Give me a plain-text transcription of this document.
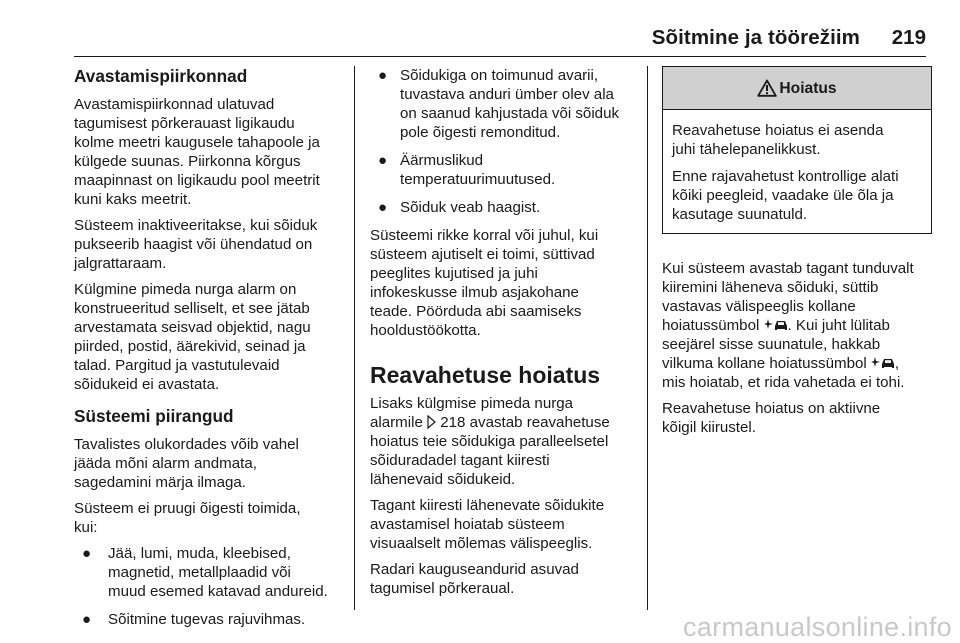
Sõitmine ja töörežiim 219
Avastamispiirkonnad

Avastamispiirkonnad ulatuvad
tagumisest põrkerauast ligikaudu
kolme meetri kaugusele tahapoole ja
külgede suunas. Piirkonna kõrgus
maapinnast on ligikaudu pool meetrit
kuni kaks meetrit.

Süsteem inaktiveeritakse, kui sõiduk
pukseerib haagist või ühendatud on
jalgrattaraam.

Külgmine pimeda nurga alarm on
konstrueeritud selliselt, et see jätab
arvestamata seisvad objektid, nagu
piirded, postid, äärekivid, seinad ja
talad. Pargitud ja vastutulevaid
sõidukeid ei avastata.

Süsteemi piirangud

Tavalistes olukordades võib vahel
jääda mõni alarm andmata,
sagedamini märja ilmaga.

Süsteem ei pruugi õigesti toimida,
kui:

● Jää, lumi, muda, kleebised,
magnetid, metallplaadid või
muud esemed katavad andureid.
● Sõitmine tugevas rajuvihmas.
● Sõidukiga on toimunud avarii,
tuvastava anduri ümber olev ala
on saanud kahjustada või sõiduk
pole õigesti remonditud.
● Äärmuslikud
temperatuurimuutused.
● Sõiduk veab haagist.

Süsteemi rikke korral või juhul, kui
süsteem ajutiselt ei toimi, süttivad
peeglites kujutised ja juhi
infokeskusse ilmub asjakohane
teade. Pöörduda abi saamiseks
hooldustöökotta.

Reavahetuse hoiatus

Lisaks külgmise pimeda nurga
alarmile  218 avastab reavahetuse
hoiatus teie sõidukiga paralleelsetel
sõiduradadel tagant kiiresti
lähenevaid sõidukeid.

Tagant kiiresti lähenevate sõidukite
avastamisel hoiatab süsteem
visuaalselt mõlemas välispeeglis.

Radari kauguseandurid asuvad
tagumisel põrkeraual.

Hoiatus

Reavahetuse hoiatus ei asenda
juhi tähelepanelikkust.

Enne rajavahetust kontrollige alati
kõiki peegleid, vaadake üle õla ja
kasutage suunatuld.

Kui süsteem avastab tagant tunduvalt
kiiremini läheneva sõiduki, süttib
vastavas välispeeglis kollane
hoiatussümbol . Kui juht lülitab
seejärel sisse suunatule, hakkab
vilkuma kollane hoiatussümbol ,
mis hoiatab, et rida vahetada ei tohi.

Reavahetuse hoiatus on aktiivne
kõigil kiirustel.

carmanualsonline.info
